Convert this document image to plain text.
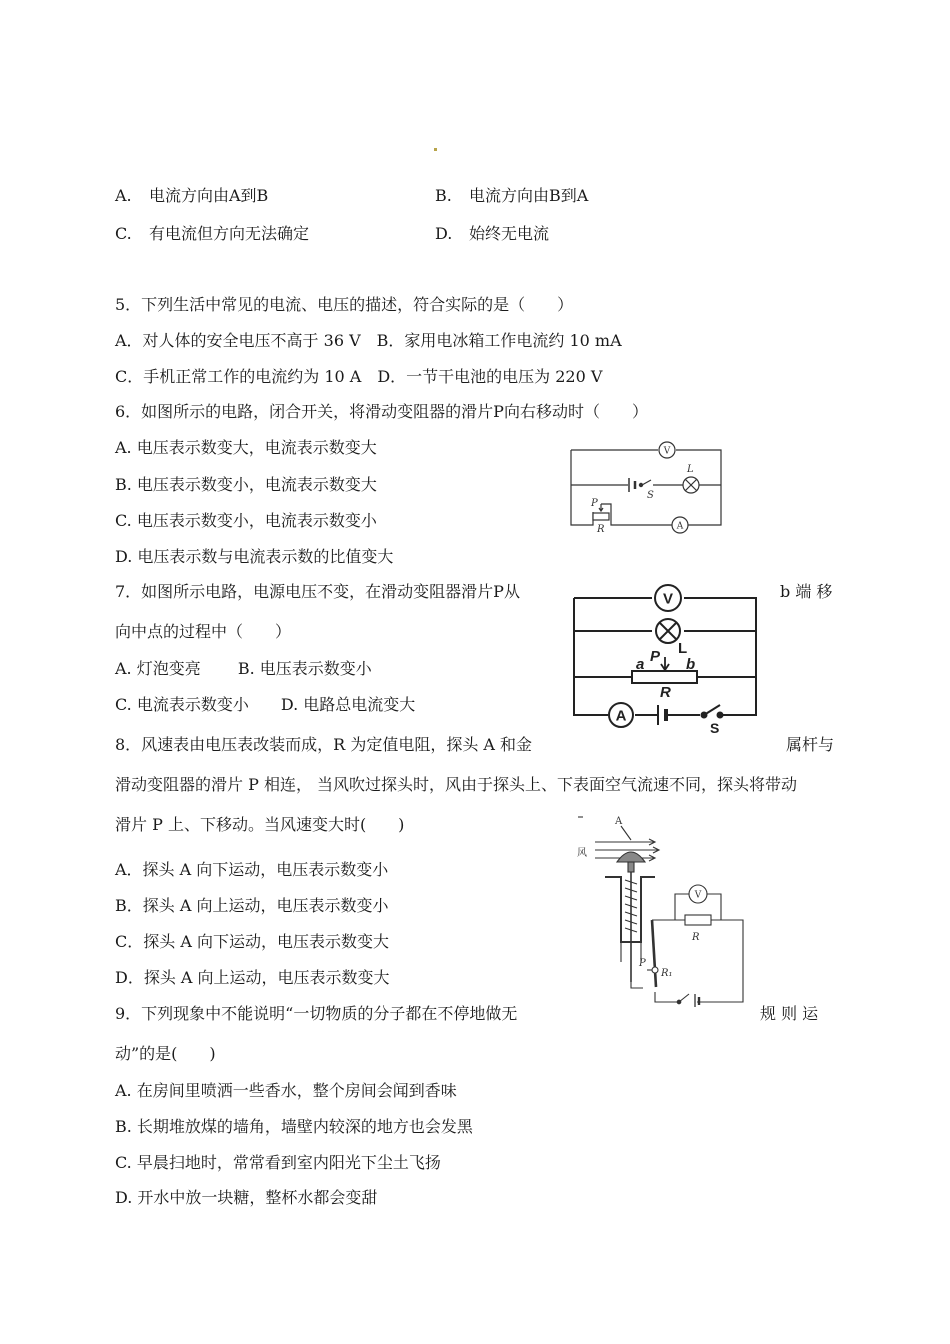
A. 电流方向由A到B	B. 电流方向由B到A
C. 有电流但方向无法确定	D. 始终无电流
5．下列生活中常见的电流、电压的描述，符合实际的是（　　）
A．对人体的安全电压不高于 36 V　B．家用电冰箱工作电流约 10 mA
C．手机正常工作的电流约为 10 A　D．一节干电池的电压为 220 V
6．如图所示的电路，闭合开关，将滑动变阻器的滑片P向右移动时（　　）
A. 电压表示数变大，电流表示数变大
B. 电压表示数变小，电流表示数变大
C. 电压表示数变小，电流表示数变小
D. 电压表示数与电流表示数的比值变大
V
L
S
A
P
R
7．如图所示电路，电源电压不变，在滑动变阻器滑片P从	b 端 移
向中点的过程中（　　）
A. 灯泡变亮　　 B. 电压表示数变小
C. 电流表示数变小　　D. 电路总电流变大
V
L
P
a	b
R
A
S
8．风速表由电压表改装而成，R 为定值电阻，探头 A 和金	属杆与
滑动变阻器的滑片 P 相连， 当风吹过探头时，风由于探头上、下表面空气流速不同，探头将带动
滑片 P 上、下移动。当风速变大时(　　)
A．探头 A 向下运动，电压表示数变小
B．探头 A 向上运动，电压表示数变小
C．探头 A 向下运动，电压表示数变大
D．探头 A 向上运动，电压表示数变大
A
风
V
R
P
R₁
9．下列现象中不能说明“一切物质的分子都在不停地做无	规 则 运
动”的是(　　)
A. 在房间里喷洒一些香水，整个房间会闻到香味
B. 长期堆放煤的墙角，墙壁内较深的地方也会发黑
C. 早晨扫地时，常常看到室内阳光下尘土飞扬
D. 开水中放一块糖，整杯水都会变甜
